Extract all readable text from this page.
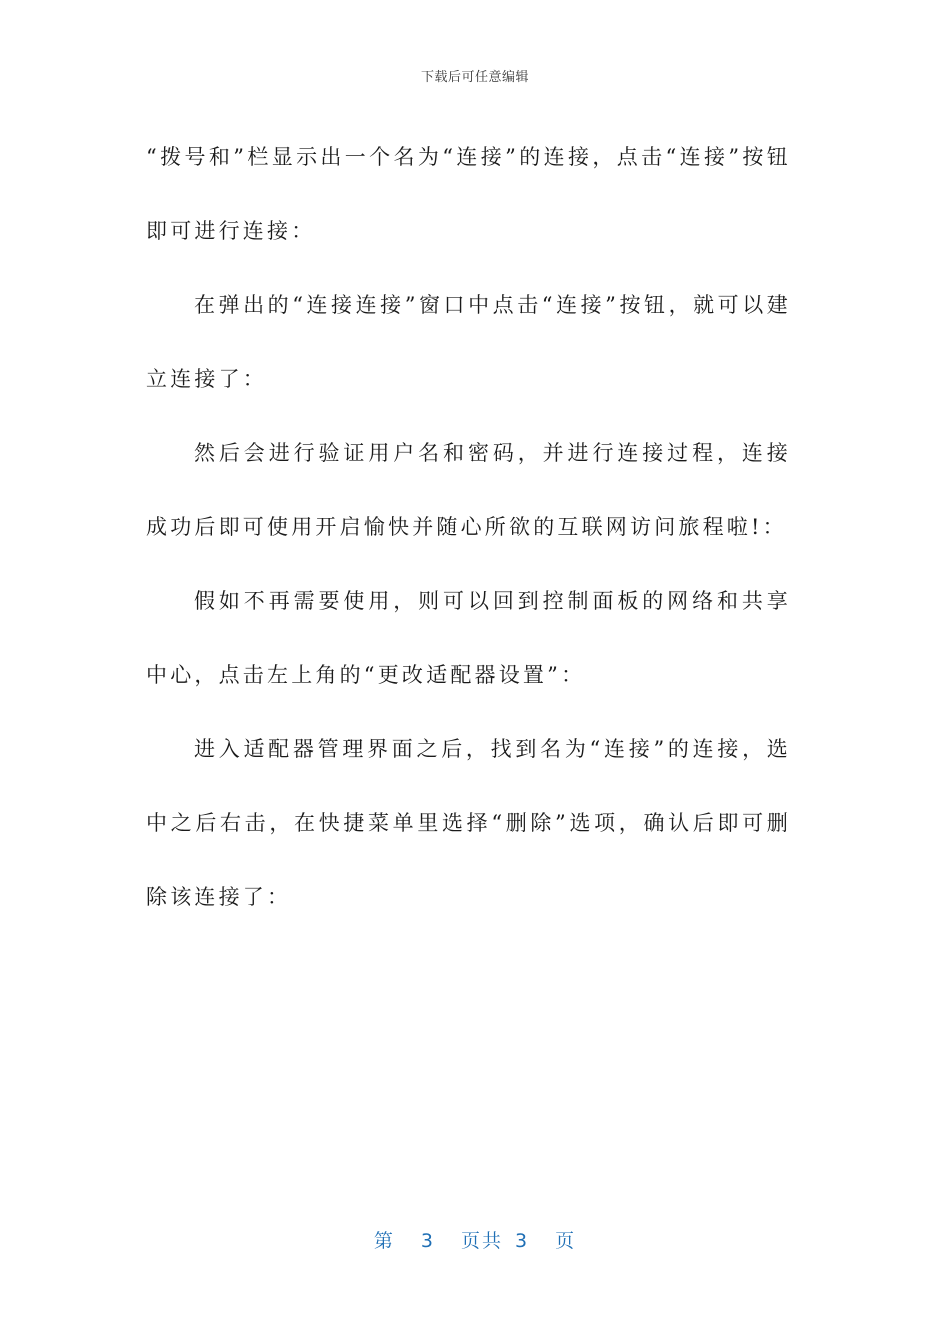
下载后可任意编辑

“拨号和”栏显示出一个名为“连接”的连接，点击“连接”按钮即可进行连接：

在弹出的“连接连接”窗口中点击“连接”按钮，就可以建立连接了：

然后会进行验证用户名和密码，并进行连接过程，连接成功后即可使用开启愉快并随心所欲的互联网访问旅程啦!：

假如不再需要使用，则可以回到控制面板的网络和共享中心，点击左上角的“更改适配器设置”：

进入适配器管理界面之后，找到名为“连接”的连接，选中之后右击，在快捷菜单里选择“删除”选项，确认后即可删除该连接了：

第 3 页共 3 页
